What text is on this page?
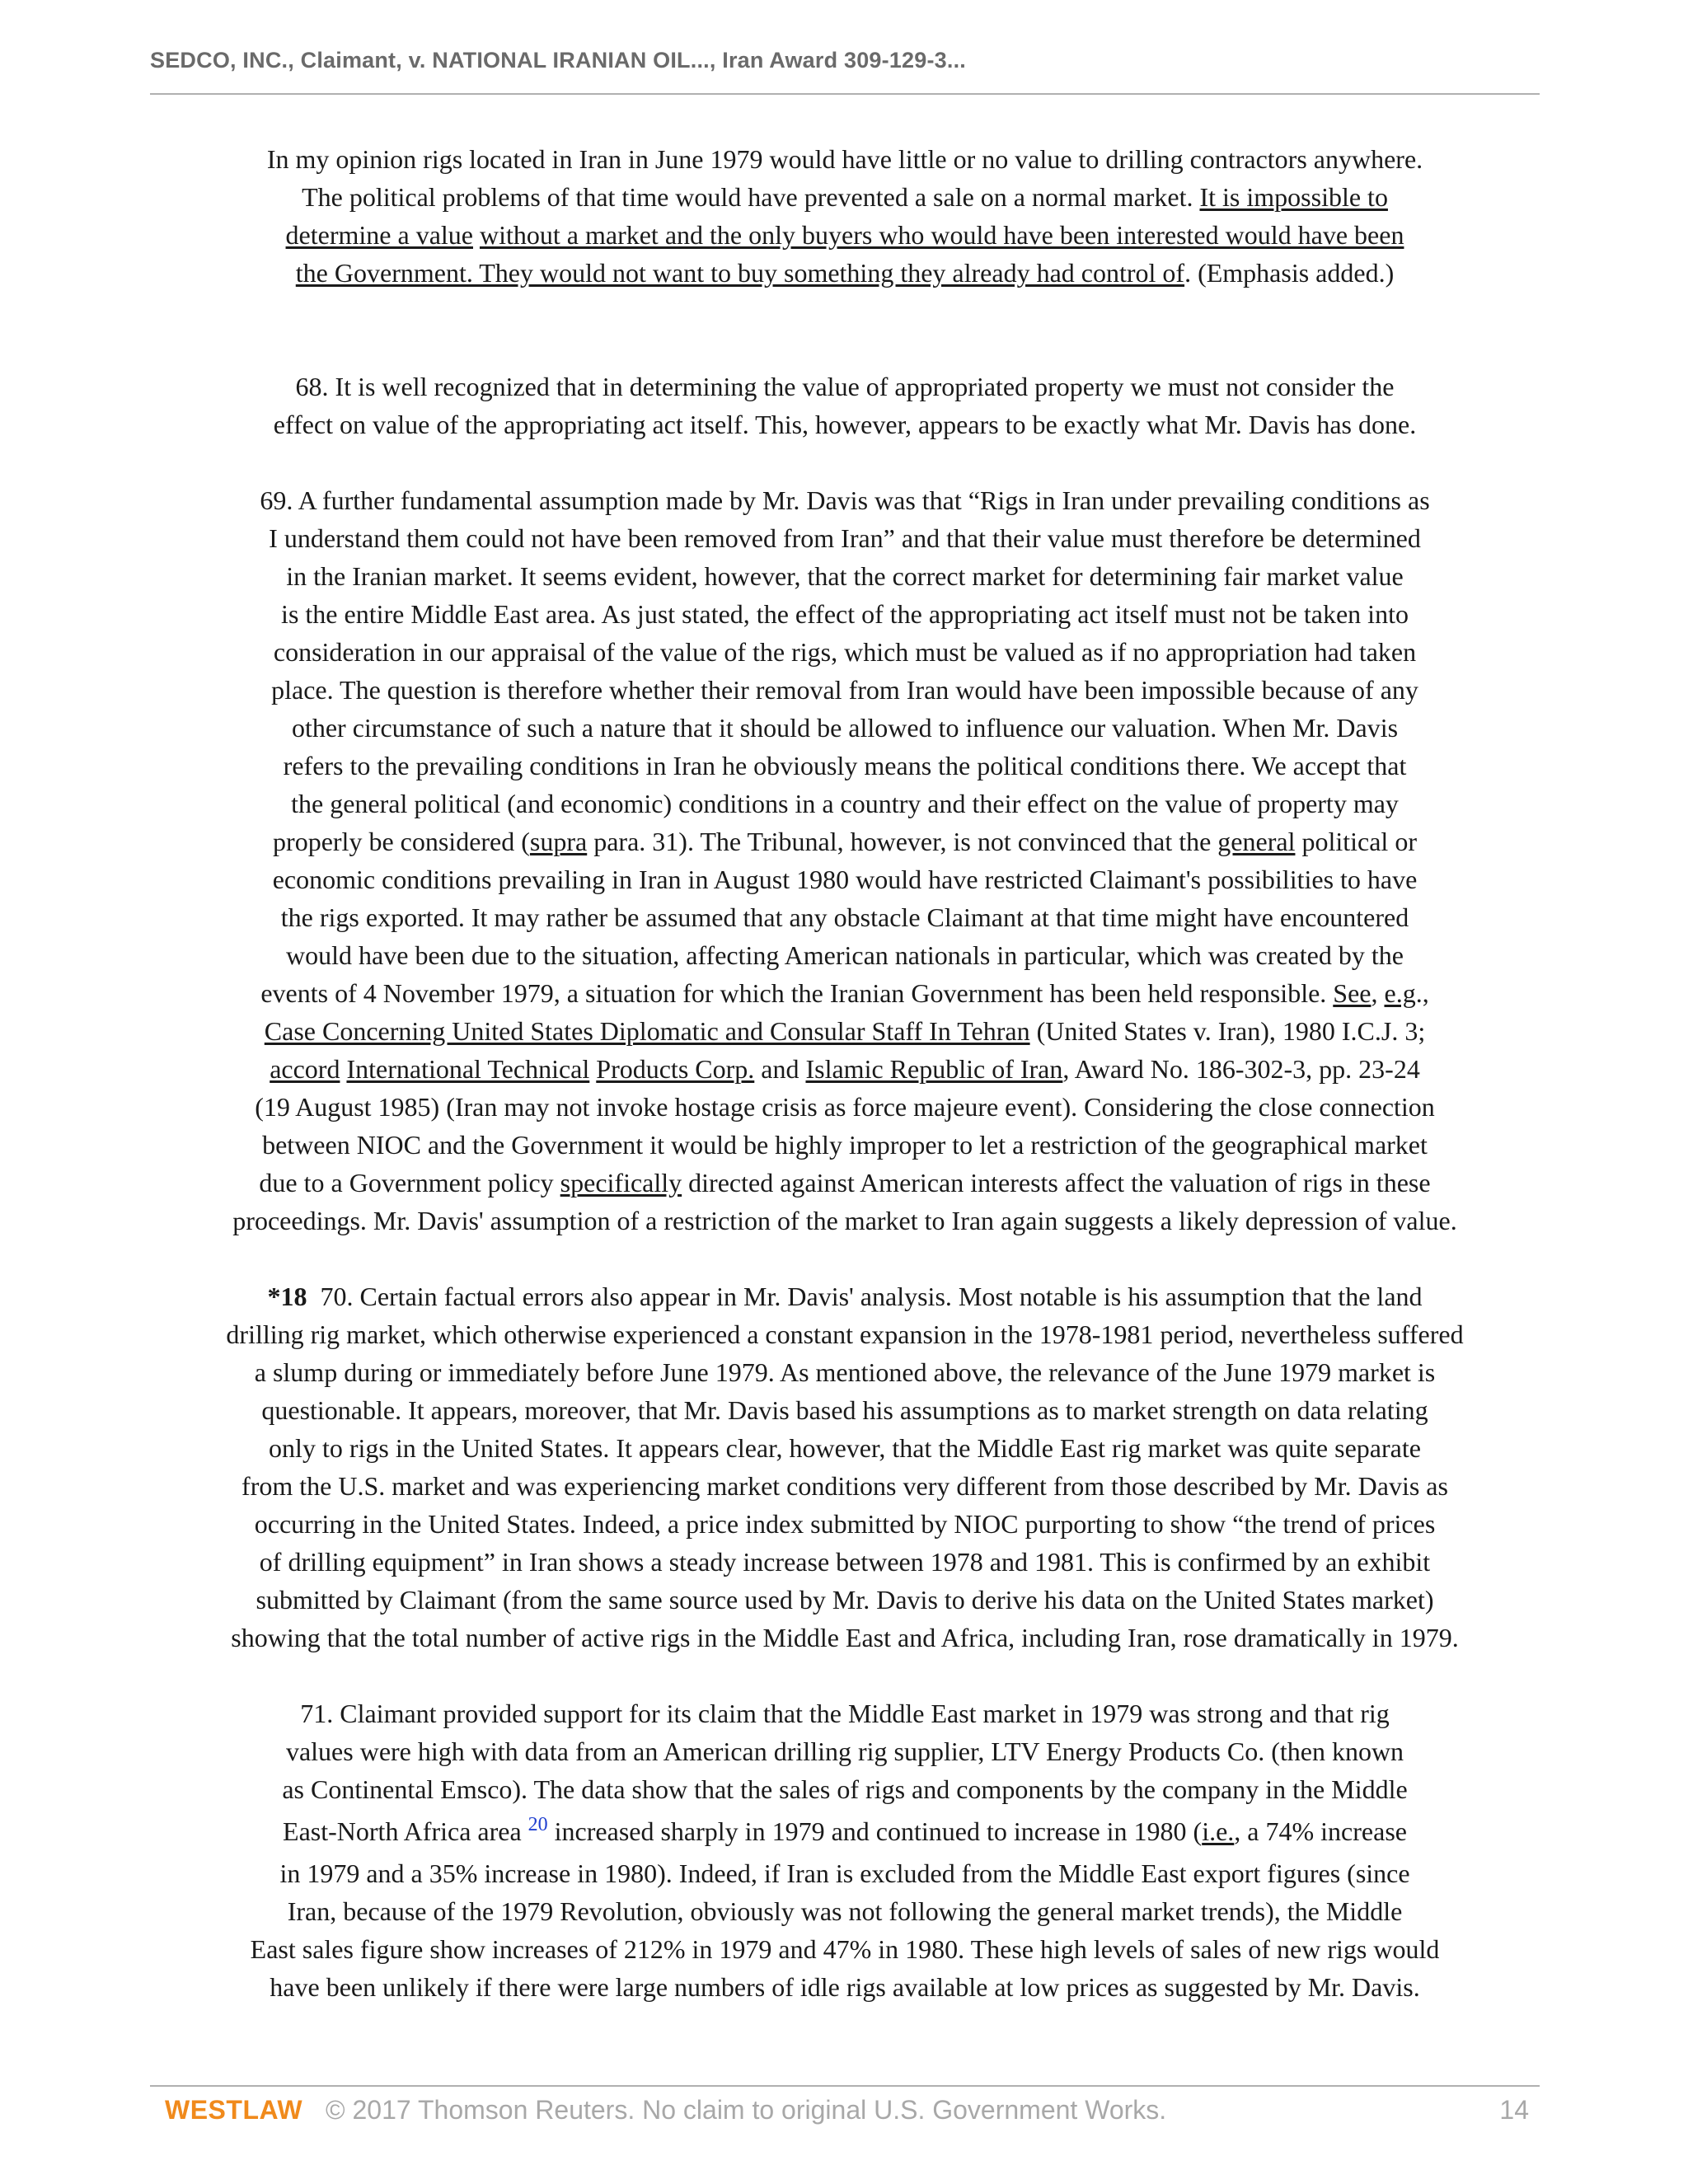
SEDCO, INC., Claimant, v. NATIONAL IRANIAN OIL..., Iran Award 309-129-3...

In my opinion rigs located in Iran in June 1979 would have little or no value to drilling contractors anywhere.
The political problems of that time would have prevented a sale on a normal market. It is impossible to
determine a value without a market and the only buyers who would have been interested would have been
the Government. They would not want to buy something they already had control of. (Emphasis added.)

68. It is well recognized that in determining the value of appropriated property we must not consider the
effect on value of the appropriating act itself. This, however, appears to be exactly what Mr. Davis has done.

69. A further fundamental assumption made by Mr. Davis was that “Rigs in Iran under prevailing conditions as
I understand them could not have been removed from Iran” and that their value must therefore be determined
in the Iranian market. It seems evident, however, that the correct market for determining fair market value
is the entire Middle East area. As just stated, the effect of the appropriating act itself must not be taken into
consideration in our appraisal of the value of the rigs, which must be valued as if no appropriation had taken
place. The question is therefore whether their removal from Iran would have been impossible because of any
other circumstance of such a nature that it should be allowed to influence our valuation. When Mr. Davis
refers to the prevailing conditions in Iran he obviously means the political conditions there. We accept that
the general political (and economic) conditions in a country and their effect on the value of property may
properly be considered (supra para. 31). The Tribunal, however, is not convinced that the general political or
economic conditions prevailing in Iran in August 1980 would have restricted Claimant's possibilities to have
the rigs exported. It may rather be assumed that any obstacle Claimant at that time might have encountered
would have been due to the situation, affecting American nationals in particular, which was created by the
events of 4 November 1979, a situation for which the Iranian Government has been held responsible. See, e.g.,
Case Concerning United States Diplomatic and Consular Staff In Tehran (United States v. Iran), 1980 I.C.J. 3;
accord International Technical Products Corp. and Islamic Republic of Iran, Award No. 186-302-3, pp. 23-24
(19 August 1985) (Iran may not invoke hostage crisis as force majeure event). Considering the close connection
between NIOC and the Government it would be highly improper to let a restriction of the geographical market
due to a Government policy specifically directed against American interests affect the valuation of rigs in these
proceedings. Mr. Davis' assumption of a restriction of the market to Iran again suggests a likely depression of value.

*18 70. Certain factual errors also appear in Mr. Davis' analysis. Most notable is his assumption that the land
drilling rig market, which otherwise experienced a constant expansion in the 1978-1981 period, nevertheless suffered
a slump during or immediately before June 1979. As mentioned above, the relevance of the June 1979 market is
questionable. It appears, moreover, that Mr. Davis based his assumptions as to market strength on data relating
only to rigs in the United States. It appears clear, however, that the Middle East rig market was quite separate
from the U.S. market and was experiencing market conditions very different from those described by Mr. Davis as
occurring in the United States. Indeed, a price index submitted by NIOC purporting to show “the trend of prices
of drilling equipment” in Iran shows a steady increase between 1978 and 1981. This is confirmed by an exhibit
submitted by Claimant (from the same source used by Mr. Davis to derive his data on the United States market)
showing that the total number of active rigs in the Middle East and Africa, including Iran, rose dramatically in 1979.

71. Claimant provided support for its claim that the Middle East market in 1979 was strong and that rig
values were high with data from an American drilling rig supplier, LTV Energy Products Co. (then known
as Continental Emsco). The data show that the sales of rigs and components by the company in the Middle
East-North Africa area $^{20}$ increased sharply in 1979 and continued to increase in 1980 (i.e., a 74% increase
in 1979 and a 35% increase in 1980). Indeed, if Iran is excluded from the Middle East export figures (since
Iran, because of the 1979 Revolution, obviously was not following the general market trends), the Middle
East sales figure show increases of 212% in 1979 and 47% in 1980. These high levels of sales of new rigs would
have been unlikely if there were large numbers of idle rigs available at low prices as suggested by Mr. Davis.

WESTLAW © 2017 Thomson Reuters. No claim to original U.S. Government Works.	14
